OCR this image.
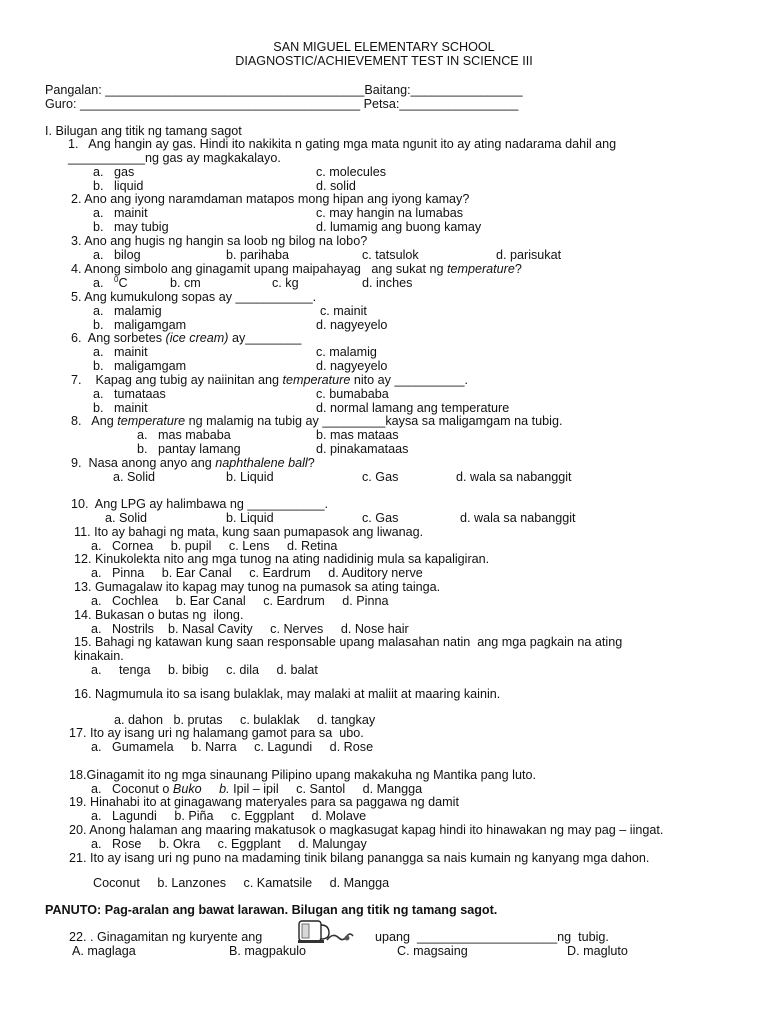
SAN MIGUEL ELEMENTARY SCHOOL
DIAGNOSTIC/ACHIEVEMENT TEST IN SCIENCE III
Pangalan: _____________________________________Baitang:________________
Guro: ________________________________________ Petsa:_________________
I. Bilugan ang titik ng tamang sagot
1.   Ang hangin ay gas. Hindi ito nakikita n gating mga mata ngunit ito ay ating nadarama dahil ang
___________ng gas ay magkakalayo.
a.   gas	c. molecules
b.   liquid	d. solid
2. Ano ang iyong naramdaman matapos mong hipan ang iyong kamay?
a.   mainit	c. may hangin na lumabas
b.   may tubig	d. lumamig ang buong kamay
3. Ano ang hugis ng hangin sa loob ng bilog na lobo?
a.   bilog	b. parihaba	c. tatsulok	d. parisukat
4. Anong simbolo ang ginagamit upang maipahayag   ang sukat ng temperature?
a.   $^0$C	b. cm	c. kg	d. inches
5. Ang kumukulong sopas ay ___________.
a.   malamig	c. mainit
b.   maligamgam	d. nagyeyelo
6.  Ang sorbetes (ice cream) ay________
a.   mainit	c. malamig
b.   maligamgam	d. nagyeyelo
7.    Kapag ang tubig ay naiinitan ang temperature nito ay __________.
a.   tumataas	c. bumababa
b.   mainit	d. normal lamang ang temperature
8.   Ang temperature ng malamig na tubig ay _________kaysa sa maligamgam na tubig.
a.   mas mababa	b. mas mataas
b.   pantay lamang	d. pinakamataas
9.  Nasa anong anyo ang naphthalene ball?
a. Solid	b. Liquid	c. Gas	d. wala sa nabanggit
10.  Ang LPG ay halimbawa ng ___________.
a. Solid	b. Liquid	c. Gas	d. wala sa nabanggit
11. Ito ay bahagi ng mata, kung saan pumapasok ang liwanag.
a.   Cornea     b. pupil     c. Lens     d. Retina
12. Kinukolekta nito ang mga tunog na ating nadidinig mula sa kapaligiran.
a.   Pinna     b. Ear Canal     c. Eardrum     d. Auditory nerve
13. Gumagalaw ito kapag may tunog na pumasok sa ating tainga.
a.   Cochlea     b. Ear Canal     c. Eardrum     d. Pinna
14. Bukasan o butas ng  ilong.
a.   Nostrils    b. Nasal Cavity     c. Nerves     d. Nose hair
15. Bahagi ng katawan kung saan responsable upang malasahan natin  ang mga pagkain na ating
kinakain.
a.     tenga     b. bibig     c. dila     d. balat
16. Nagmumula ito sa isang bulaklak, may malaki at maliit at maaring kainin.
a. dahon   b. prutas     c. bulaklak     d. tangkay
17. Ito ay isang uri ng halamang gamot para sa  ubo.
a.   Gumamela     b. Narra     c. Lagundi     d. Rose
18.Ginagamit ito ng mga sinaunang Pilipino upang makakuha ng Mantika pang luto.
a.   Coconut o Buko b. Ipil – ipil     c. Santol     d. Mangga
19. Hinahabi ito at ginagawang materyales para sa paggawa ng damit
a.   Lagundi     b. Piña     c. Eggplant     d. Molave
20. Anong halaman ang maaring makatusok o magkasugat kapag hindi ito hinawakan ng may pag – iingat.
a.   Rose     b. Okra     c. Eggplant     d. Malungay
21. Ito ay isang uri ng puno na madaming tinik bilang panangga sa nais kumain ng kanyang mga dahon.
Coconut     b. Lanzones     c. Kamatsile     d. Mangga
PANUTO: Pag-aralan ang bawat larawan. Bilugan ang titik ng tamang sagot.
22. . Ginagamitan ng kuryente ang	upang  ____________________ng  tubig.
A. maglaga	B. magpakulo	C. magsaing	D. magluto
